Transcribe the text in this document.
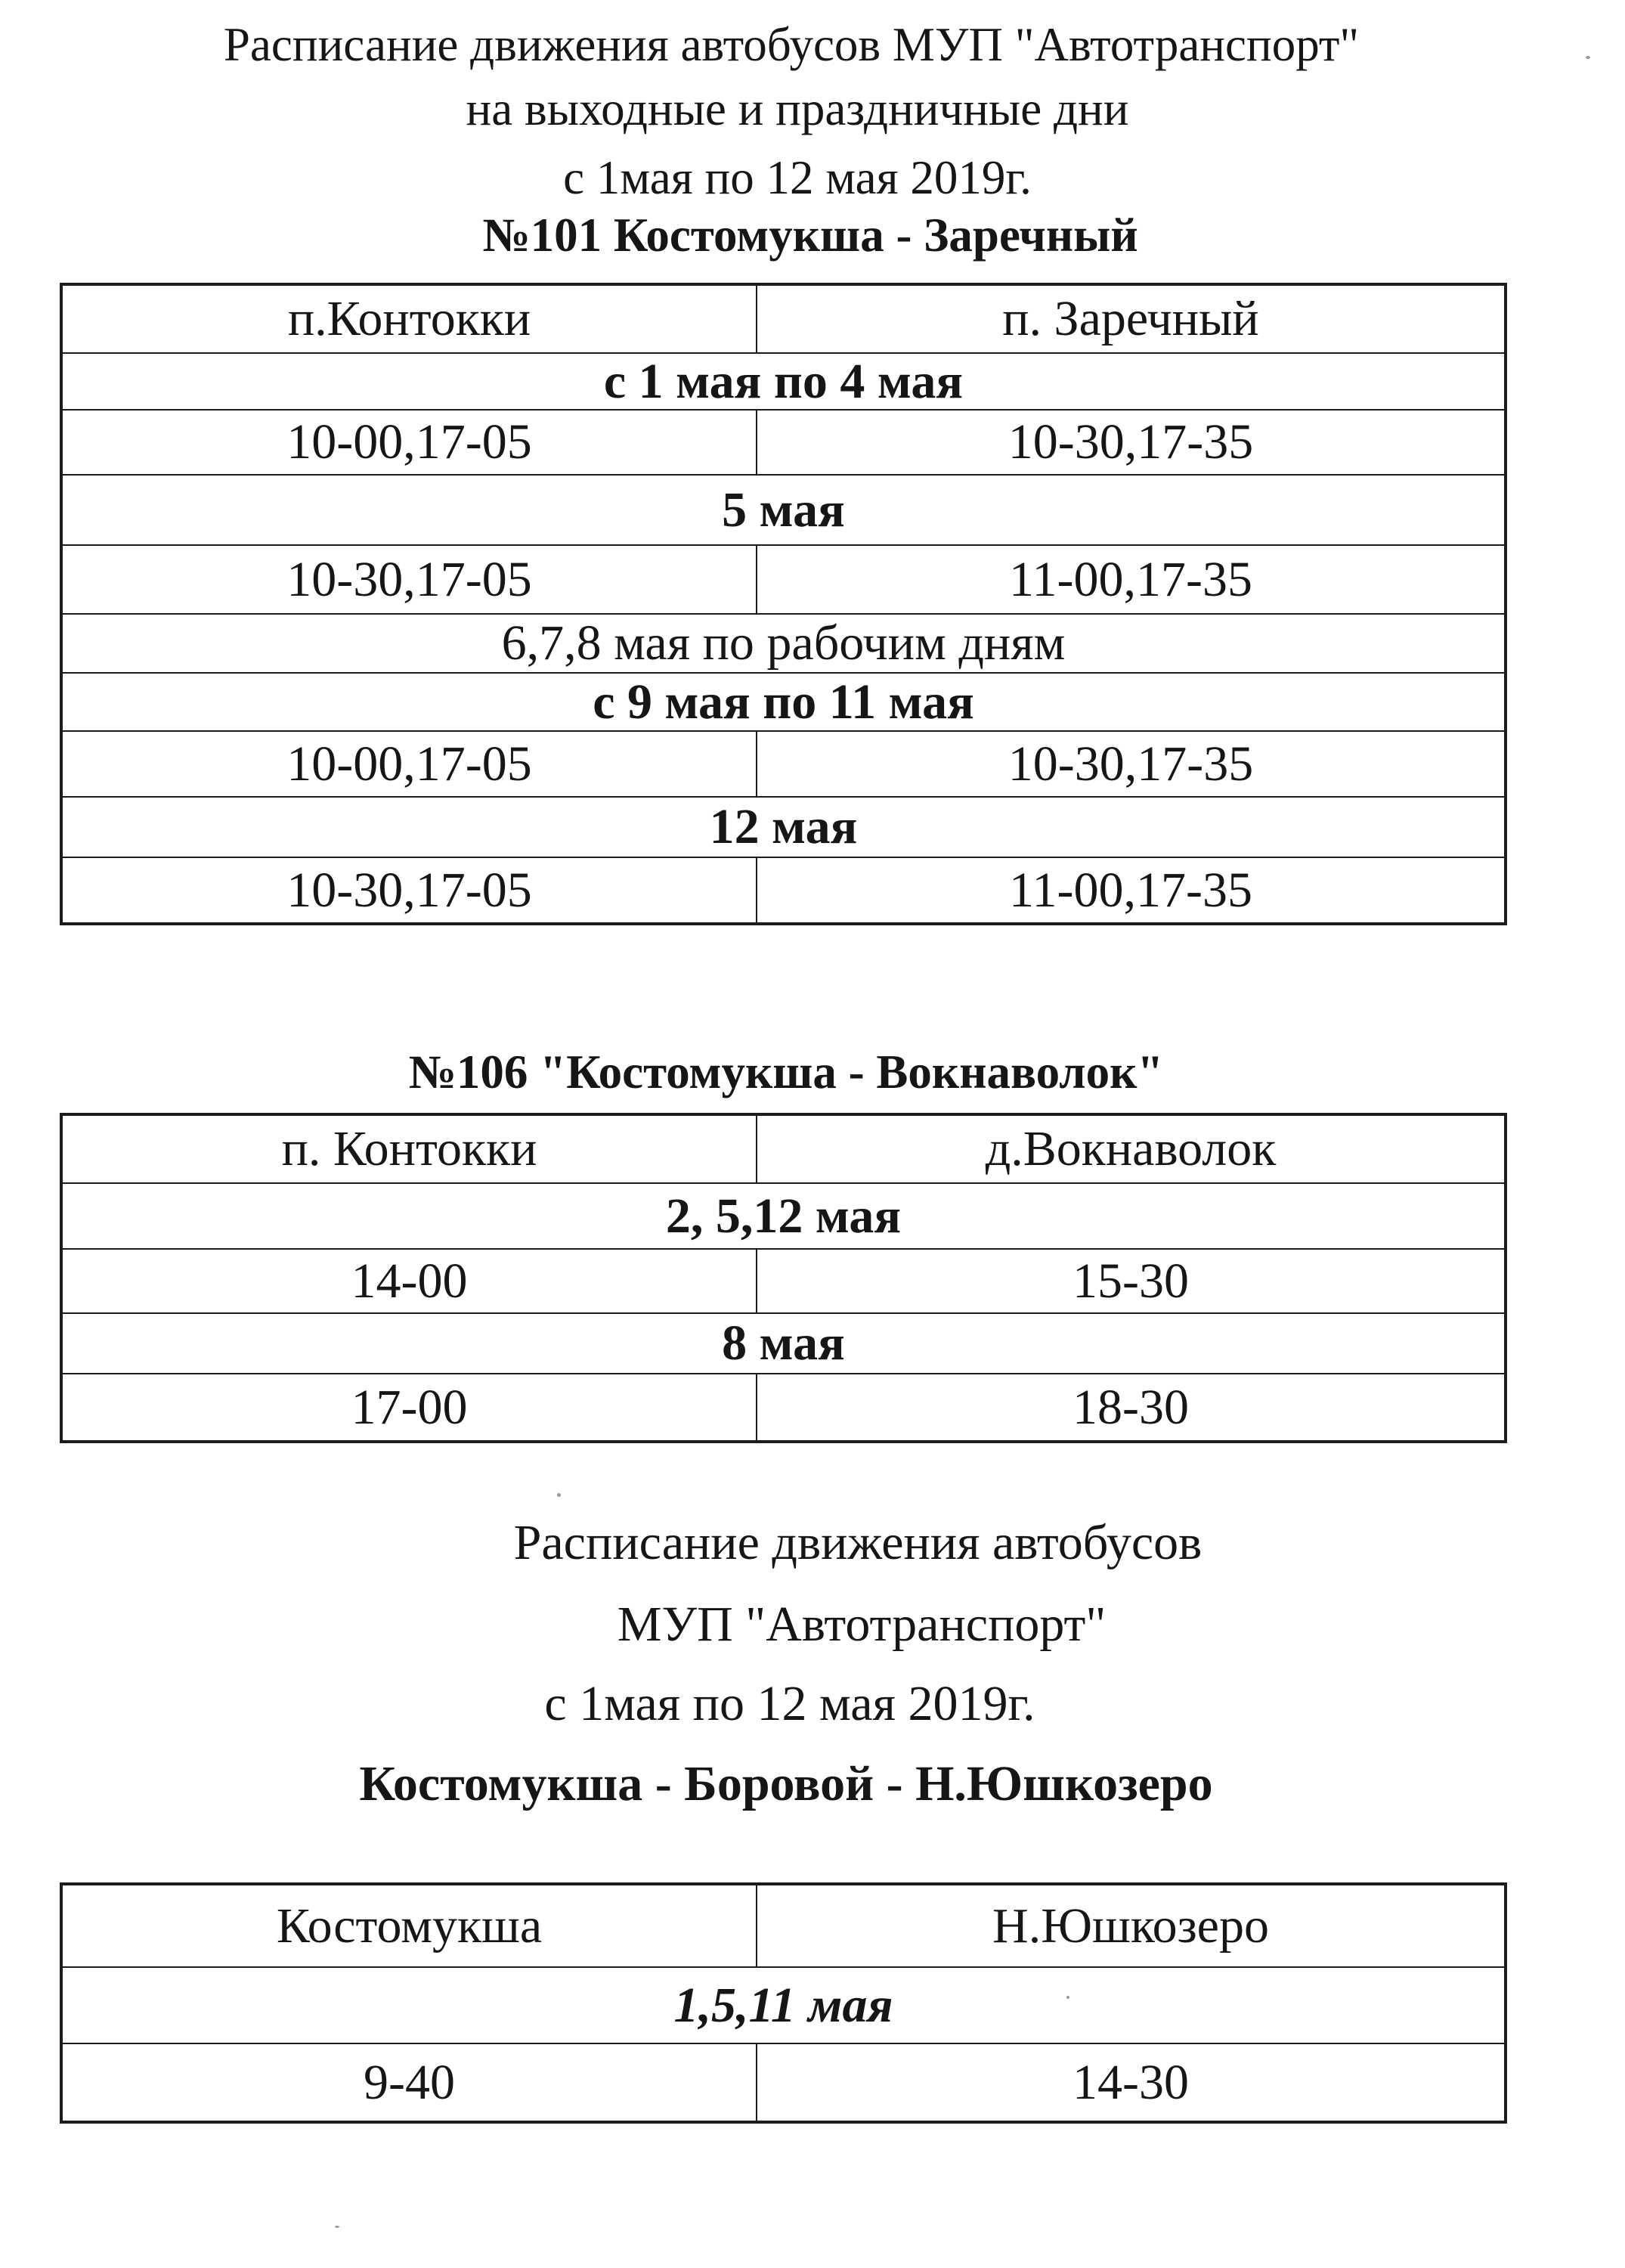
Расписание движения автобусов МУП "Автотранспорт"
на выходные и праздничные дни
с 1мая по 12 мая 2019г.
№101 Костомукша - Заречный
п.Контокки	п. Заречный
с 1 мая по 4 мая	
10-00,17-05	10-30,17-35
5 мая	
10-30,17-05	11-00,17-35
6,7,8 мая по рабочим дням	
с 9 мая по 11 мая	
10-00,17-05	10-30,17-35
12 мая	
10-30,17-05	11-00,17-35
№106 "Костомукша - Вокнаволок"
п. Контокки	д.Вокнаволок
2, 5,12 мая	
14-00	15-30
8 мая	
17-00	18-30
Расписание движения автобусов
МУП "Автотранспорт"
с 1мая по 12 мая 2019г.
Костомукша - Боровой - Н.Юшкозеро
Костомукша	Н.Юшкозеро
1,5,11 мая	
9-40	14-30
